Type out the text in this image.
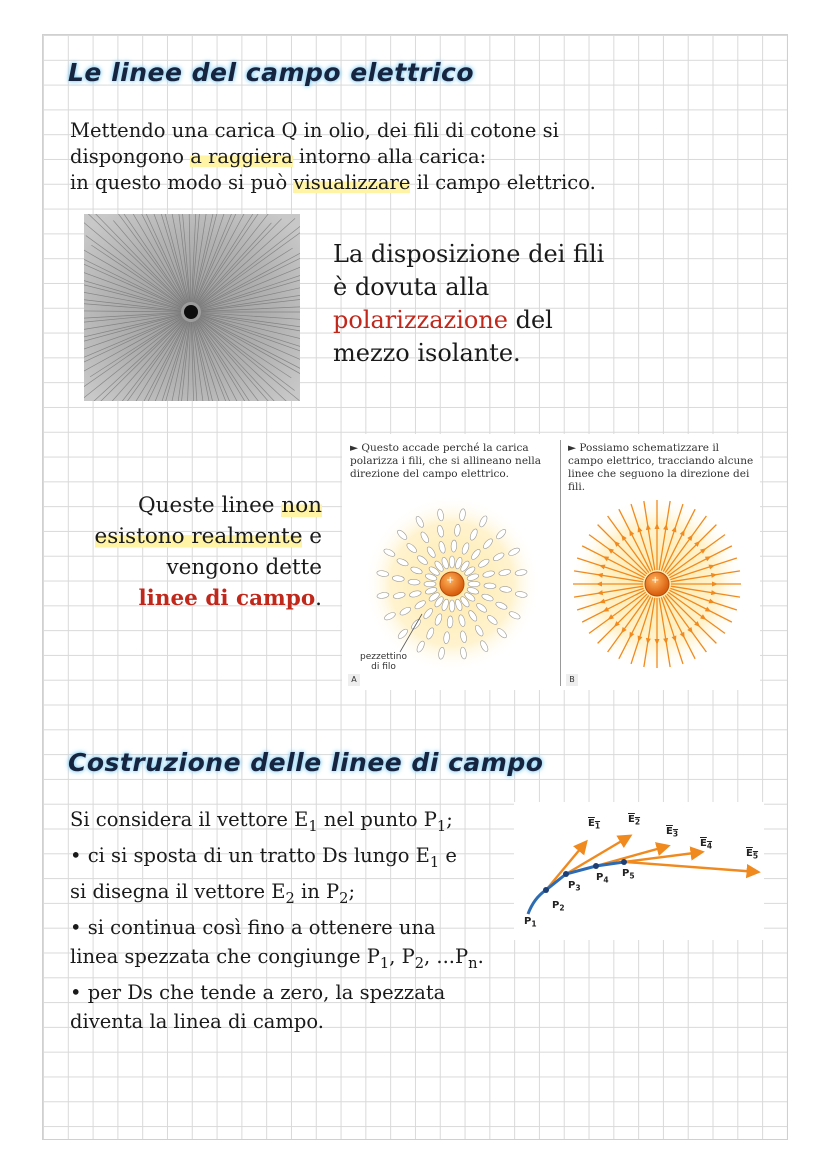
Le linee del campo elettrico
Mettendo una carica Q in olio, dei fili di cotone si
dispongono a raggiera intorno alla carica:
in questo modo si può visualizzare il campo elettrico.
La disposizione dei fili
è dovuta alla
polarizzazione del
mezzo isolante.
Queste linee non
esistono realmente e
vengono dette
linee di campo.
► Questo accade perché la carica polarizza i fili, che si allineano nella direzione del campo elettrico.
► Possiamo schematizzare il campo elettrico, tracciando alcune linee che seguono la direzione dei fili.
+	+
pezzettino
di filo
A	B
Costruzione delle linee di campo
Si considera il vettore $E_1$ nel punto $P_1$;
• ci si sposta di un tratto Ds lungo $E_1$ e
si disegna il vettore $E_2$ in $P_2$;
• si continua così fino a ottenere una
linea spezzata che congiunge $P_1$, $P_2$, $...P_n$.
• per Ds che tende a zero, la spezzata
diventa la linea di campo.
$P_1$
$P_2$
$P_3$
$P_4$
$P_5$
$E_1$
$E_2$
$E_3$
$E_4$
$E_5$
